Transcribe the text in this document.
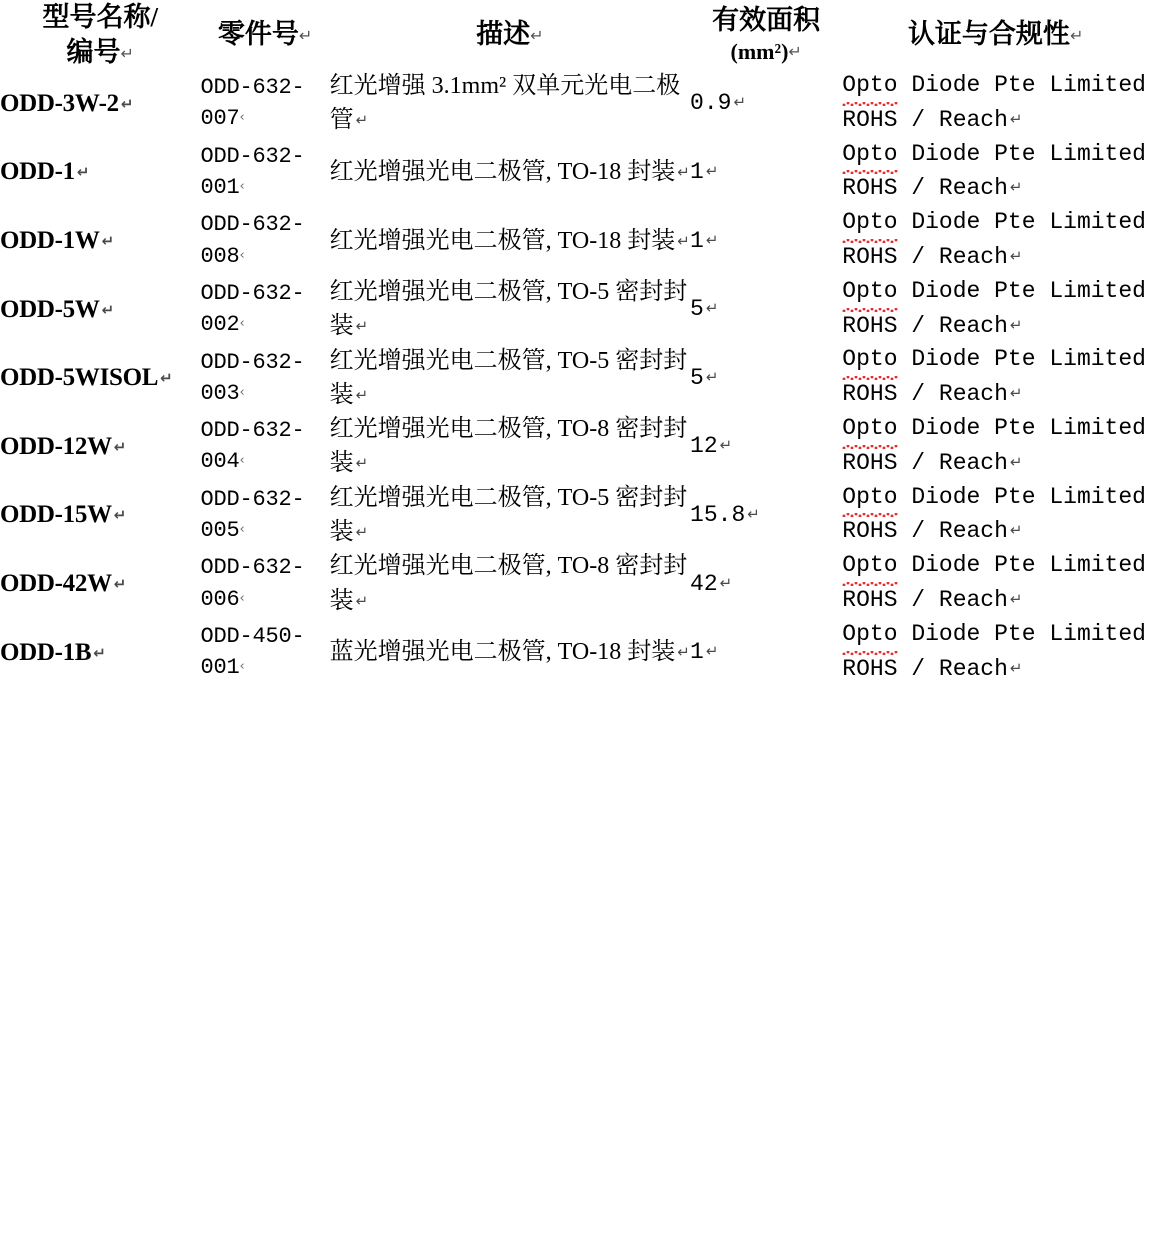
型号名称/
编号↵	零件号↵	描述↵	有效面积
(mm²)↵	认证与合规性↵
ODD-3W-2 ↵	ODD-632-007‹	红光增强 3.1mm² 双单元光电二极管 ↵	0.9 ↵	Opto Diode Pte Limited ROHS / Reach ↵
ODD-1 ↵	ODD-632-001‹	红光增强光电二极管, TO-18 封装 ↵	1 ↵	Opto Diode Pte Limited ROHS / Reach ↵
ODD-1W ↵	ODD-632-008‹	红光增强光电二极管, TO-18 封装 ↵	1 ↵	Opto Diode Pte Limited ROHS / Reach ↵
ODD-5W ↵	ODD-632-002‹	红光增强光电二极管, TO-5 密封封装 ↵	5 ↵	Opto Diode Pte Limited ROHS / Reach ↵
ODD-5WISOL ↵	ODD-632-003‹	红光增强光电二极管, TO-5 密封封装 ↵	5 ↵	Opto Diode Pte Limited ROHS / Reach ↵
ODD-12W ↵	ODD-632-004‹	红光增强光电二极管, TO-8 密封封装 ↵	12 ↵	Opto Diode Pte Limited ROHS / Reach ↵
ODD-15W ↵	ODD-632-005‹	红光增强光电二极管, TO-5 密封封装 ↵	15.8 ↵	Opto Diode Pte Limited ROHS / Reach ↵
ODD-42W ↵	ODD-632-006‹	红光增强光电二极管, TO-8 密封封装 ↵	42 ↵	Opto Diode Pte Limited ROHS / Reach ↵
ODD-1B ↵	ODD-450-001‹	蓝光增强光电二极管, TO-18 封装 ↵	1 ↵	Opto Diode Pte Limited ROHS / Reach ↵
